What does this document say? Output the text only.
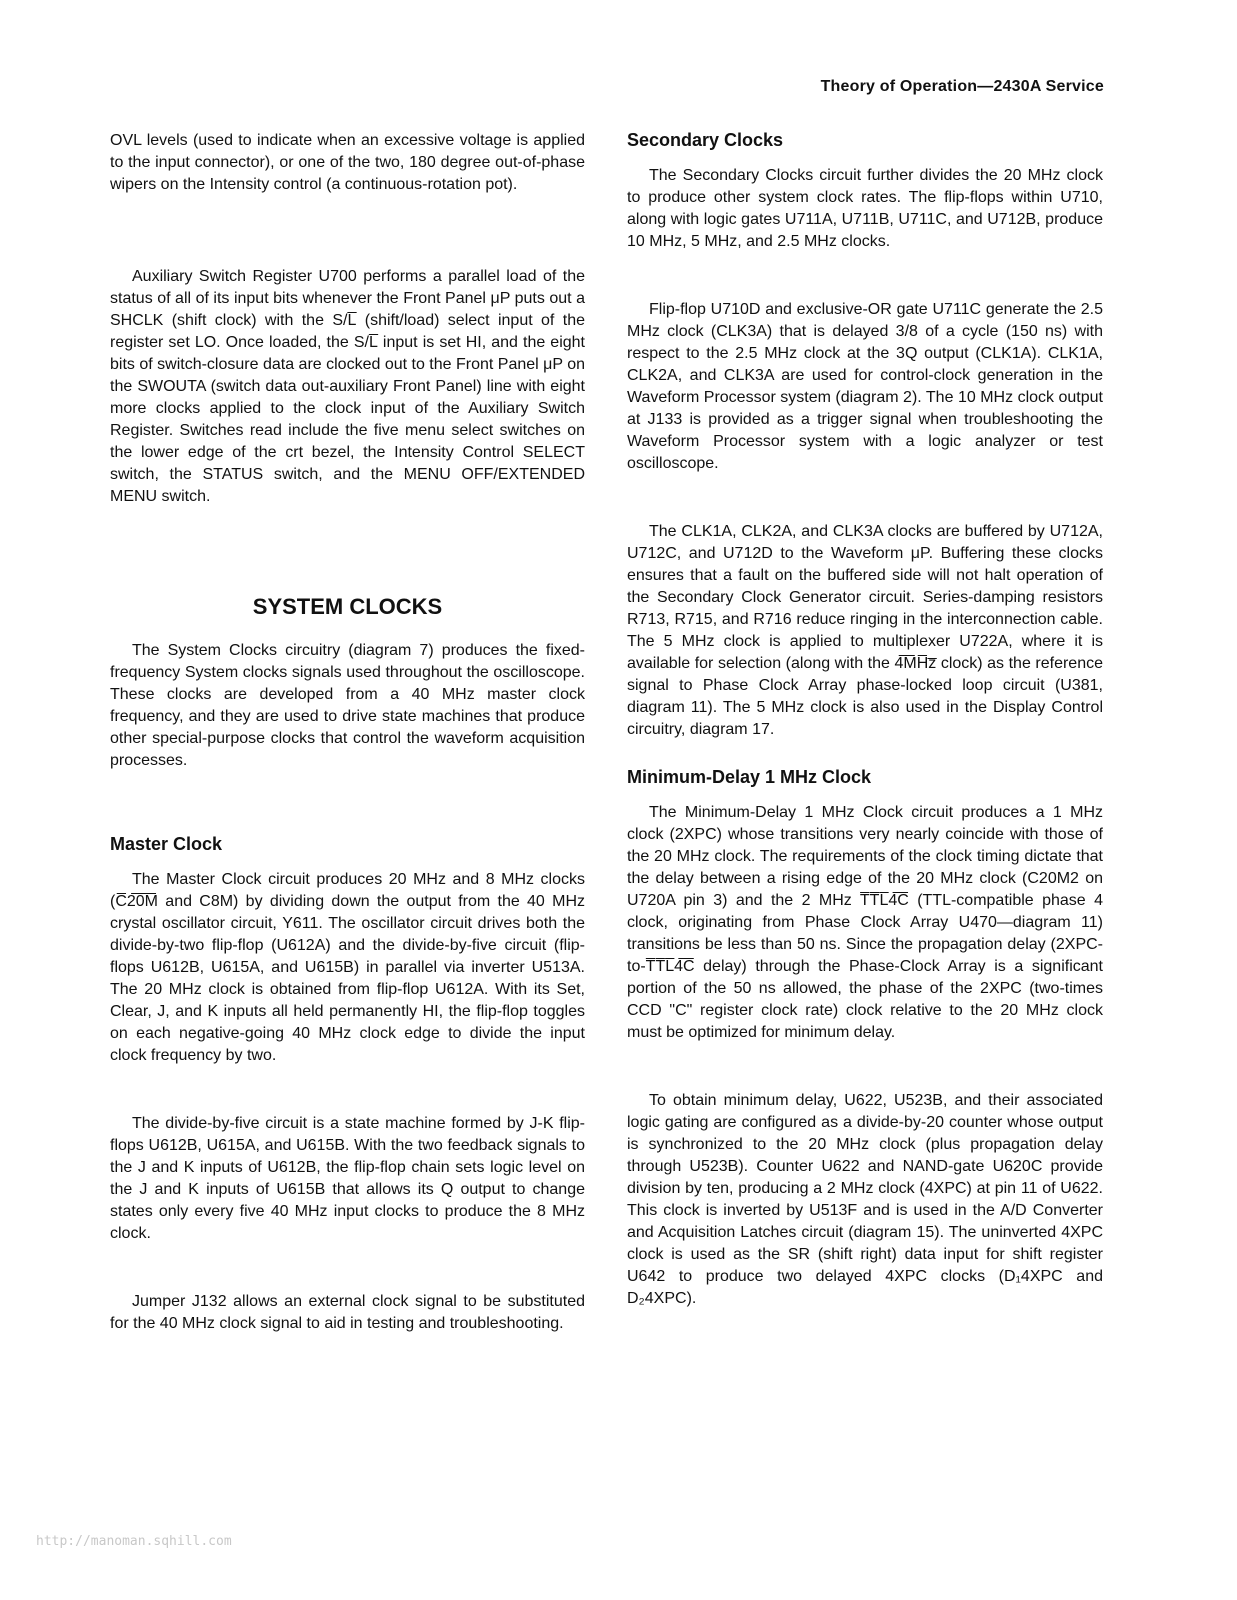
Theory of Operation—2430A Service

OVL levels (used to indicate when an excessive voltage is applied to the input connector), or one of the two, 180 degree out-of-phase wipers on the Intensity control (a continuous-rotation pot).

Auxiliary Switch Register U700 performs a parallel load of the status of all of its input bits whenever the Front Panel μP puts out a SHCLK (shift clock) with the S/L̅ (shift/load) select input of the register set LO. Once loaded, the S/L̅ input is set HI, and the eight bits of switch-closure data are clocked out to the Front Panel μP on the SWOUTA (switch data out-auxiliary Front Panel) line with eight more clocks applied to the clock input of the Auxiliary Switch Register. Switches read include the five menu select switches on the lower edge of the crt bezel, the Intensity Control SELECT switch, the STATUS switch, and the MENU OFF/EXTENDED MENU switch.

SYSTEM CLOCKS

The System Clocks circuitry (diagram 7) produces the fixed-frequency System clocks signals used throughout the oscilloscope. These clocks are developed from a 40 MHz master clock frequency, and they are used to drive state machines that produce other special-purpose clocks that control the waveform acquisition processes.

Master Clock

The Master Clock circuit produces 20 MHz and 8 MHz clocks (C̅2̅0̅M̅ and C8M) by dividing down the output from the 40 MHz crystal oscillator circuit, Y611. The oscillator circuit drives both the divide-by-two flip-flop (U612A) and the divide-by-five circuit (flip-flops U612B, U615A, and U615B) in parallel via inverter U513A. The 20 MHz clock is obtained from flip-flop U612A. With its Set, Clear, J, and K inputs all held permanently HI, the flip-flop toggles on each negative-going 40 MHz clock edge to divide the input clock frequency by two.

The divide-by-five circuit is a state machine formed by J-K flip-flops U612B, U615A, and U615B. With the two feedback signals to the J and K inputs of U612B, the flip-flop chain sets logic level on the J and K inputs of U615B that allows its Q output to change states only every five 40 MHz input clocks to produce the 8 MHz clock.

Jumper J132 allows an external clock signal to be substituted for the 40 MHz clock signal to aid in testing and troubleshooting.

Secondary Clocks

The Secondary Clocks circuit further divides the 20 MHz clock to produce other system clock rates. The flip-flops within U710, along with logic gates U711A, U711B, U711C, and U712B, produce 10 MHz, 5 MHz, and 2.5 MHz clocks.

Flip-flop U710D and exclusive-OR gate U711C generate the 2.5 MHz clock (CLK3A) that is delayed 3/8 of a cycle (150 ns) with respect to the 2.5 MHz clock at the 3Q output (CLK1A). CLK1A, CLK2A, and CLK3A are used for control-clock generation in the Waveform Processor system (diagram 2). The 10 MHz clock output at J133 is provided as a trigger signal when troubleshooting the Waveform Processor system with a logic analyzer or test oscilloscope.

The CLK1A, CLK2A, and CLK3A clocks are buffered by U712A, U712C, and U712D to the Waveform μP. Buffering these clocks ensures that a fault on the buffered side will not halt operation of the Secondary Clock Generator circuit. Series-damping resistors R713, R715, and R716 reduce ringing in the interconnection cable. The 5 MHz clock is applied to multiplexer U722A, where it is available for selection (along with the 4̅M̅H̅z̅ clock) as the reference signal to Phase Clock Array phase-locked loop circuit (U381, diagram 11). The 5 MHz clock is also used in the Display Control circuitry, diagram 17.

Minimum-Delay 1 MHz Clock

The Minimum-Delay 1 MHz Clock circuit produces a 1 MHz clock (2XPC) whose transitions very nearly coincide with those of the 20 MHz clock. The requirements of the clock timing dictate that the delay between a rising edge of the 20 MHz clock (C20M2 on U720A pin 3) and the 2 MHz T̅T̅L̅4̅C̅ (TTL-compatible phase 4 clock, originating from Phase Clock Array U470—diagram 11) transitions be less than 50 ns. Since the propagation delay (2XPC-to-T̅T̅L̅4̅C̅ delay) through the Phase-Clock Array is a significant portion of the 50 ns allowed, the phase of the 2XPC (two-times CCD "C" register clock rate) clock relative to the 20 MHz clock must be optimized for minimum delay.

To obtain minimum delay, U622, U523B, and their associated logic gating are configured as a divide-by-20 counter whose output is synchronized to the 20 MHz clock (plus propagation delay through U523B). Counter U622 and NAND-gate U620C provide division by ten, producing a 2 MHz clock (4XPC) at pin 11 of U622. This clock is inverted by U513F and is used in the A/D Converter and Acquisition Latches circuit (diagram 15). The uninverted 4XPC clock is used as the SR (shift right) data input for shift register U642 to produce two delayed 4XPC clocks (D₁4XPC and D₂4XPC).

http://manoman.sqhill.com
